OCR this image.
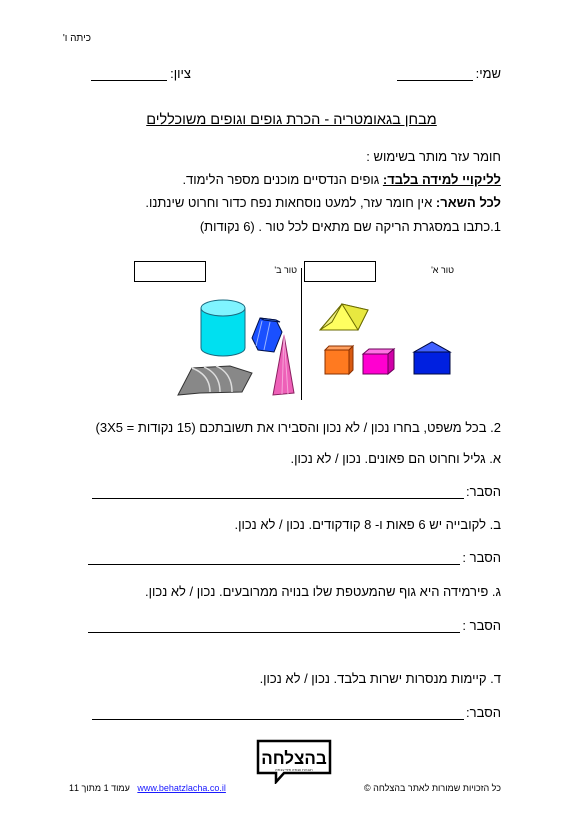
כיתה ו'
שמי:
ציון:
מבחן בגאומטריה - הכרת גופים וגופים משוכללים
חומר עזר מותר בשימוש :
לליקויי למידה בלבד: גופים הנדסיים מוכנים מספר הלימוד.
לכל השאר: אין חומר עזר, למעט נוסחאות נפח כדור וחרוט שינתנו.
1.כתבו במסגרת הריקה שם מתאים לכל טור . (6 נקודות)
טור א'
טור ב'
2. בכל משפט, בחרו נכון / לא נכון והסבירו את תשובתכם (15 נקודות = 3X5)
א. גליל וחרוט הם פאונים. נכון / לא נכון.
הסבר:
ב. לקובייה יש 6 פאות ו- 8 קודקודים. נכון / לא נכון.
הסבר :
ג. פירמידה היא גוף שהמעטפת שלו בנויה ממרובעים. נכון / לא נכון.
הסבר :
ד. קיימות מנסרות ישרות בלבד. נכון / לא נכון.
הסבר:
בהצלחה
חוברות עבודה ודפי עבודה
כל הזכויות שמורות לאתר בהצלחה ©
עמוד 1 מתוך 11 www.behatzlacha.co.il
